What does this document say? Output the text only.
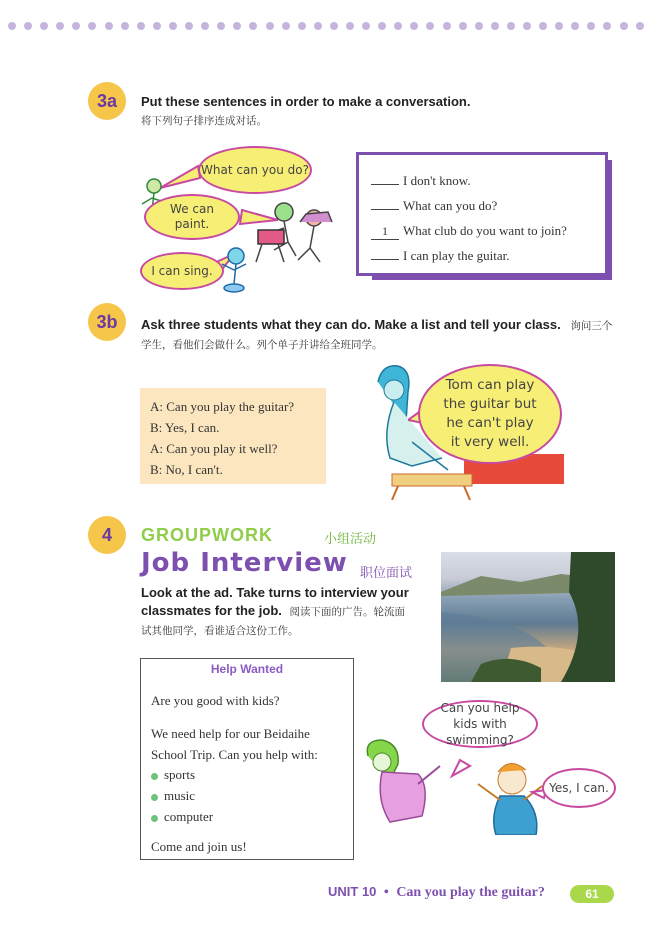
3a	Put these sentences in order to make a conversation.
将下列句子排序连成对话。
What can you do?
We can paint.
I can sing.
I don't know.
What can you do?
1 What club do you want to join?
I can play the guitar.
3b	Ask three students what they can do. Make a list and tell your class. 询问三个学生，看他们会做什么。列个单子并讲给全班同学。
A: Can you play the guitar?
B: Yes, I can.
A: Can you play it well?
B: No, I can't.
Tom can play the guitar but he can't play it very well.
4	GROUPWORK	小组活动
Job Interview 职位面试
Look at the ad. Take turns to interview your classmates for the job. 阅读下面的广告。轮流面试其他同学，看谁适合这份工作。
Help Wanted
Are you good with kids?
We need help for our Beidaihe School Trip. Can you help with:
sports
music
computer
Come and join us!
Can you help kids with swimming?
Yes, I can.
UNIT 10 • Can you play the guitar?	61
